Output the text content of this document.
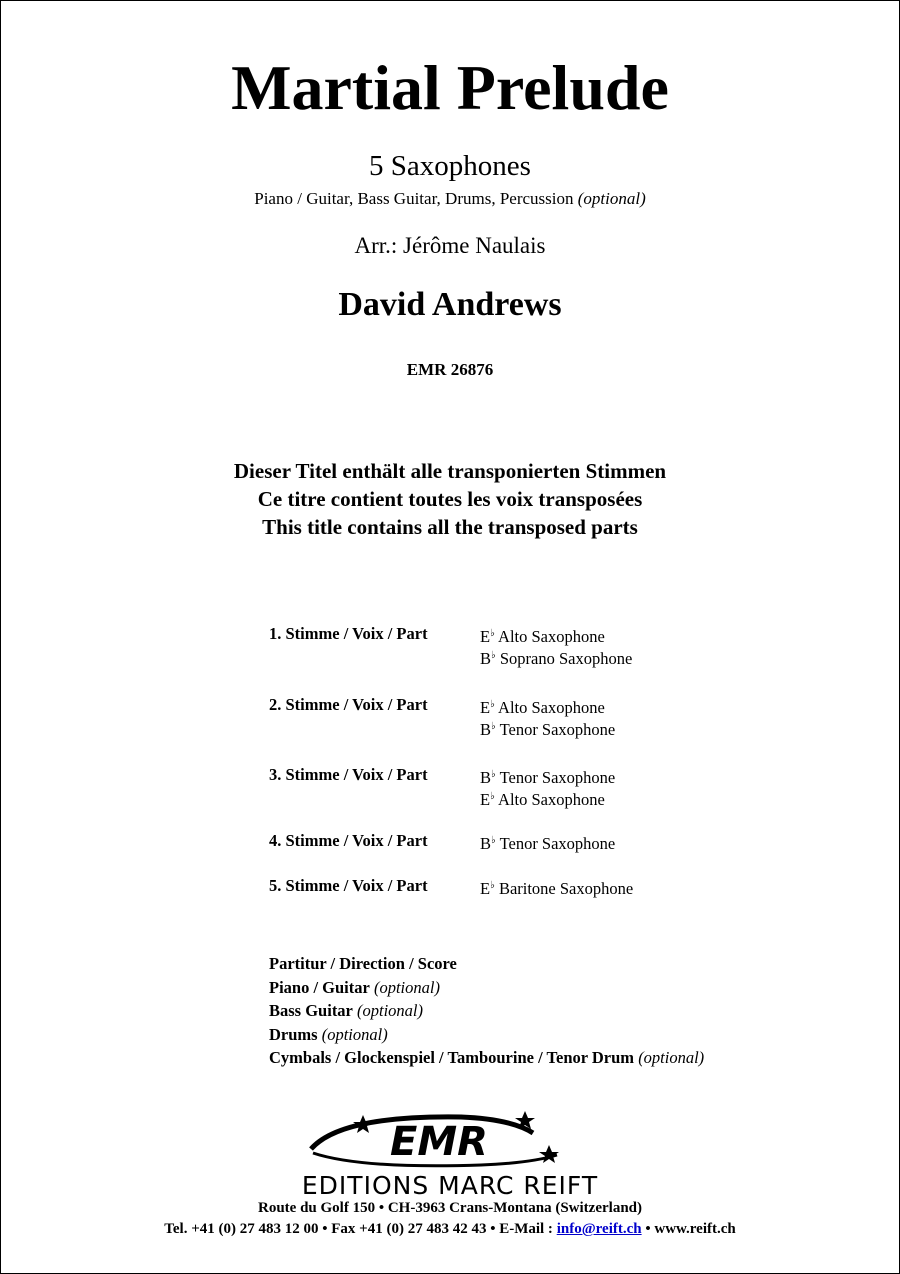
Martial Prelude
5 Saxophones
Piano / Guitar, Bass Guitar, Drums, Percussion (optional)
Arr.: Jérôme Naulais
David Andrews
EMR 26876
Dieser Titel enthält alle transponierten Stimmen
Ce titre contient toutes les voix transposées
This title contains all the transposed parts
1. Stimme / Voix / Part	E♭ Alto Saxophone
B♭ Soprano Saxophone
2. Stimme / Voix / Part	E♭ Alto Saxophone
B♭ Tenor Saxophone
3. Stimme / Voix / Part	B♭ Tenor Saxophone
E♭ Alto Saxophone
4. Stimme / Voix / Part	B♭ Tenor Saxophone
5. Stimme / Voix / Part	E♭ Baritone Saxophone
Partitur / Direction / Score
Piano / Guitar (optional)
Bass Guitar (optional)
Drums (optional)
Cymbals / Glockenspiel / Tambourine / Tenor Drum (optional)
EMR
EDITIONS MARC REIFT
Route du Golf 150 • CH-3963 Crans-Montana (Switzerland)
Tel. +41 (0) 27 483 12 00 • Fax +41 (0) 27 483 42 43 • E-Mail : info@reift.ch • www.reift.ch
